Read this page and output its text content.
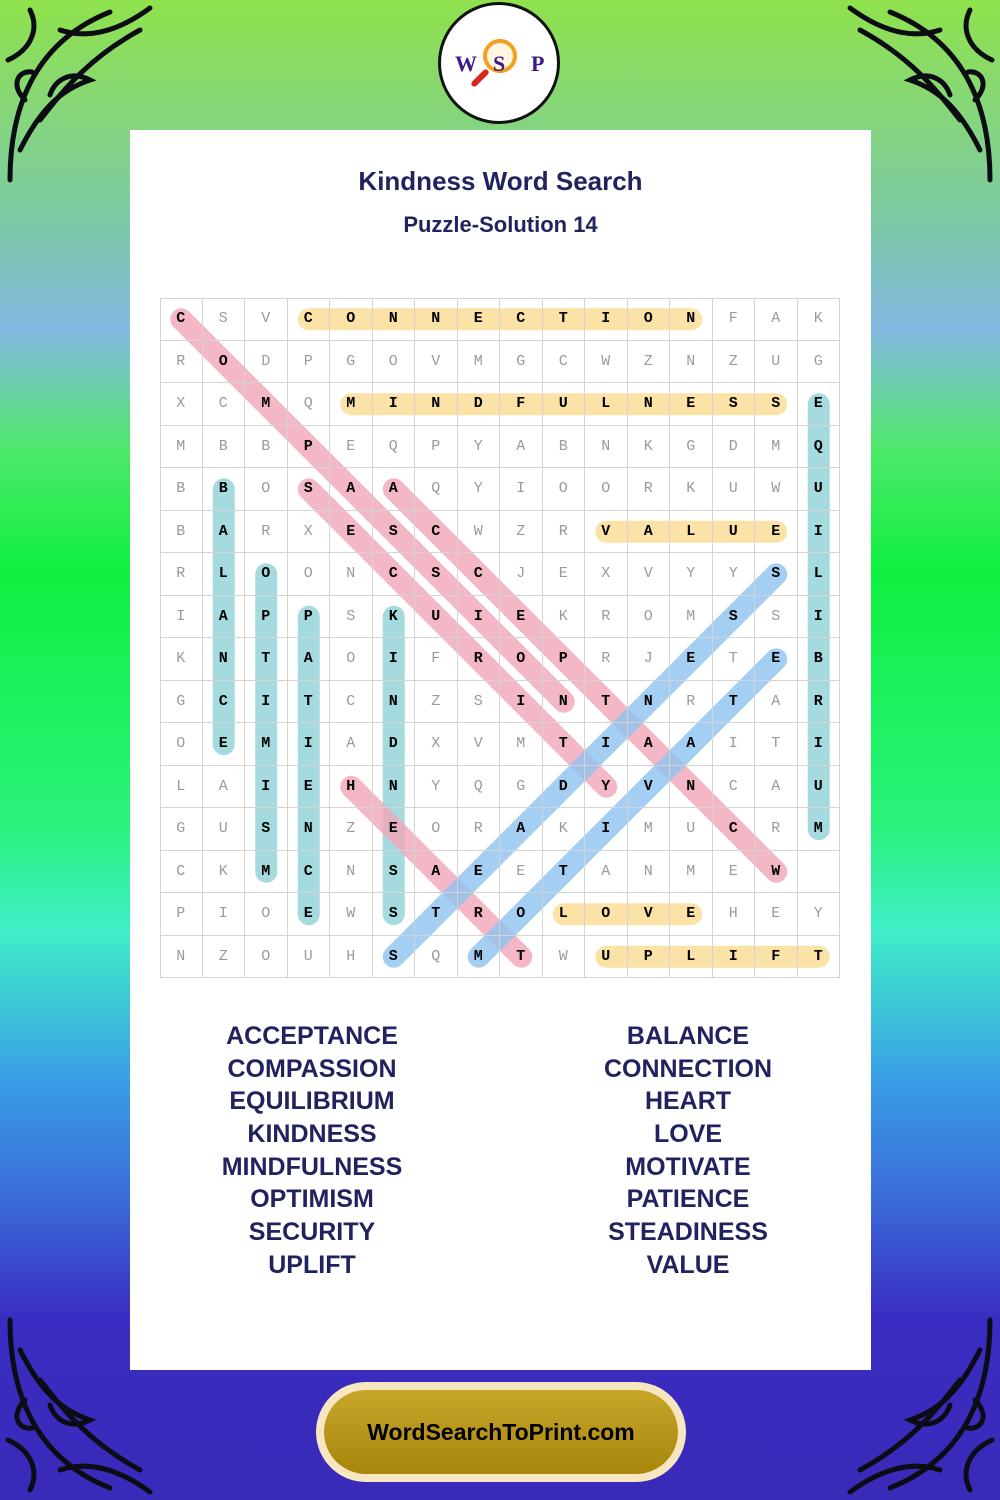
W S P
Kindness Word Search
Puzzle-Solution 14
C	S	V	C	O	N	N	E	C	T	I	O	N	F	A	K
R	O	D	P	G	O	V	M	G	C	W	Z	N	Z	U	G
X	C	M	Q	M	I	N	D	F	U	L	N	E	S	S	E
M	B	B	P	E	Q	P	Y	A	B	N	K	G	D	M	Q
B	B	O	S	A	A	Q	Y	I	O	O	R	K	U	W	U
B	A	R	X	E	S	C	W	Z	R	V	A	L	U	E	I
R	L	O	O	N	C	S	C	J	E	X	V	Y	Y	S	L
I	A	P	P	S	K	U	I	E	K	R	O	M	S	S	I
K	N	T	A	O	I	F	R	O	P	R	J	E	T	E	B
G	C	I	T	C	N	Z	S	I	N	T	N	R	T	A	R
O	E	M	I	A	D	X	V	M	T	I	A	A	I	T	I
L	A	I	E	H	N	Y	Q	G	D	Y	V	N	C	A	U
G	U	S	N	Z	E	O	R	A	K	I	M	U	C	R	M
C	K	M	C	N	S	A	E	E	T	A	N	M	E	W
P	I	O	E	W	S	T	R	O	L	O	V	E	H	E	Y
N	Z	O	U	H	S	Q	M	T	W	U	P	L	I	F	T
ACCEPTANCE
COMPASSION
EQUILIBRIUM
KINDNESS
MINDFULNESS
OPTIMISM
SECURITY
UPLIFT
BALANCE
CONNECTION
HEART
LOVE
MOTIVATE
PATIENCE
STEADINESS
VALUE
WordSearchToPrint.com
